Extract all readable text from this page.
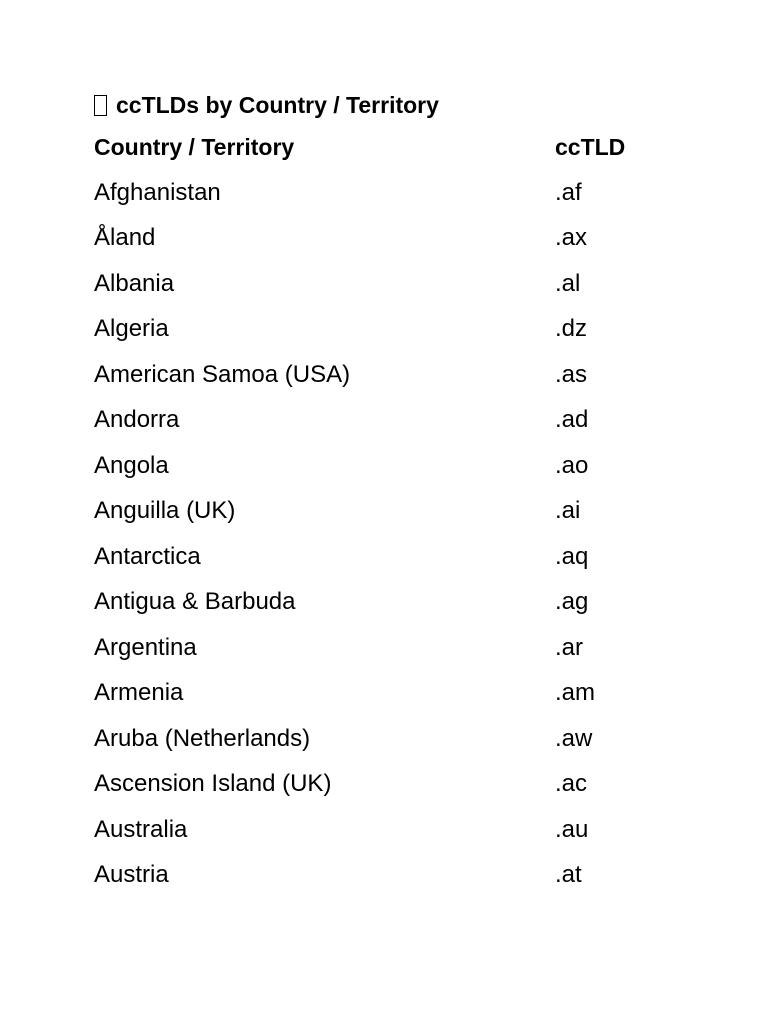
ccTLDs by Country / Territory
Country / Territory	ccTLD
Afghanistan	.af
Åland	.ax
Albania	.al
Algeria	.dz
American Samoa (USA)	.as
Andorra	.ad
Angola	.ao
Anguilla (UK)	.ai
Antarctica	.aq
Antigua & Barbuda	.ag
Argentina	.ar
Armenia	.am
Aruba (Netherlands)	.aw
Ascension Island (UK)	.ac
Australia	.au
Austria	.at
